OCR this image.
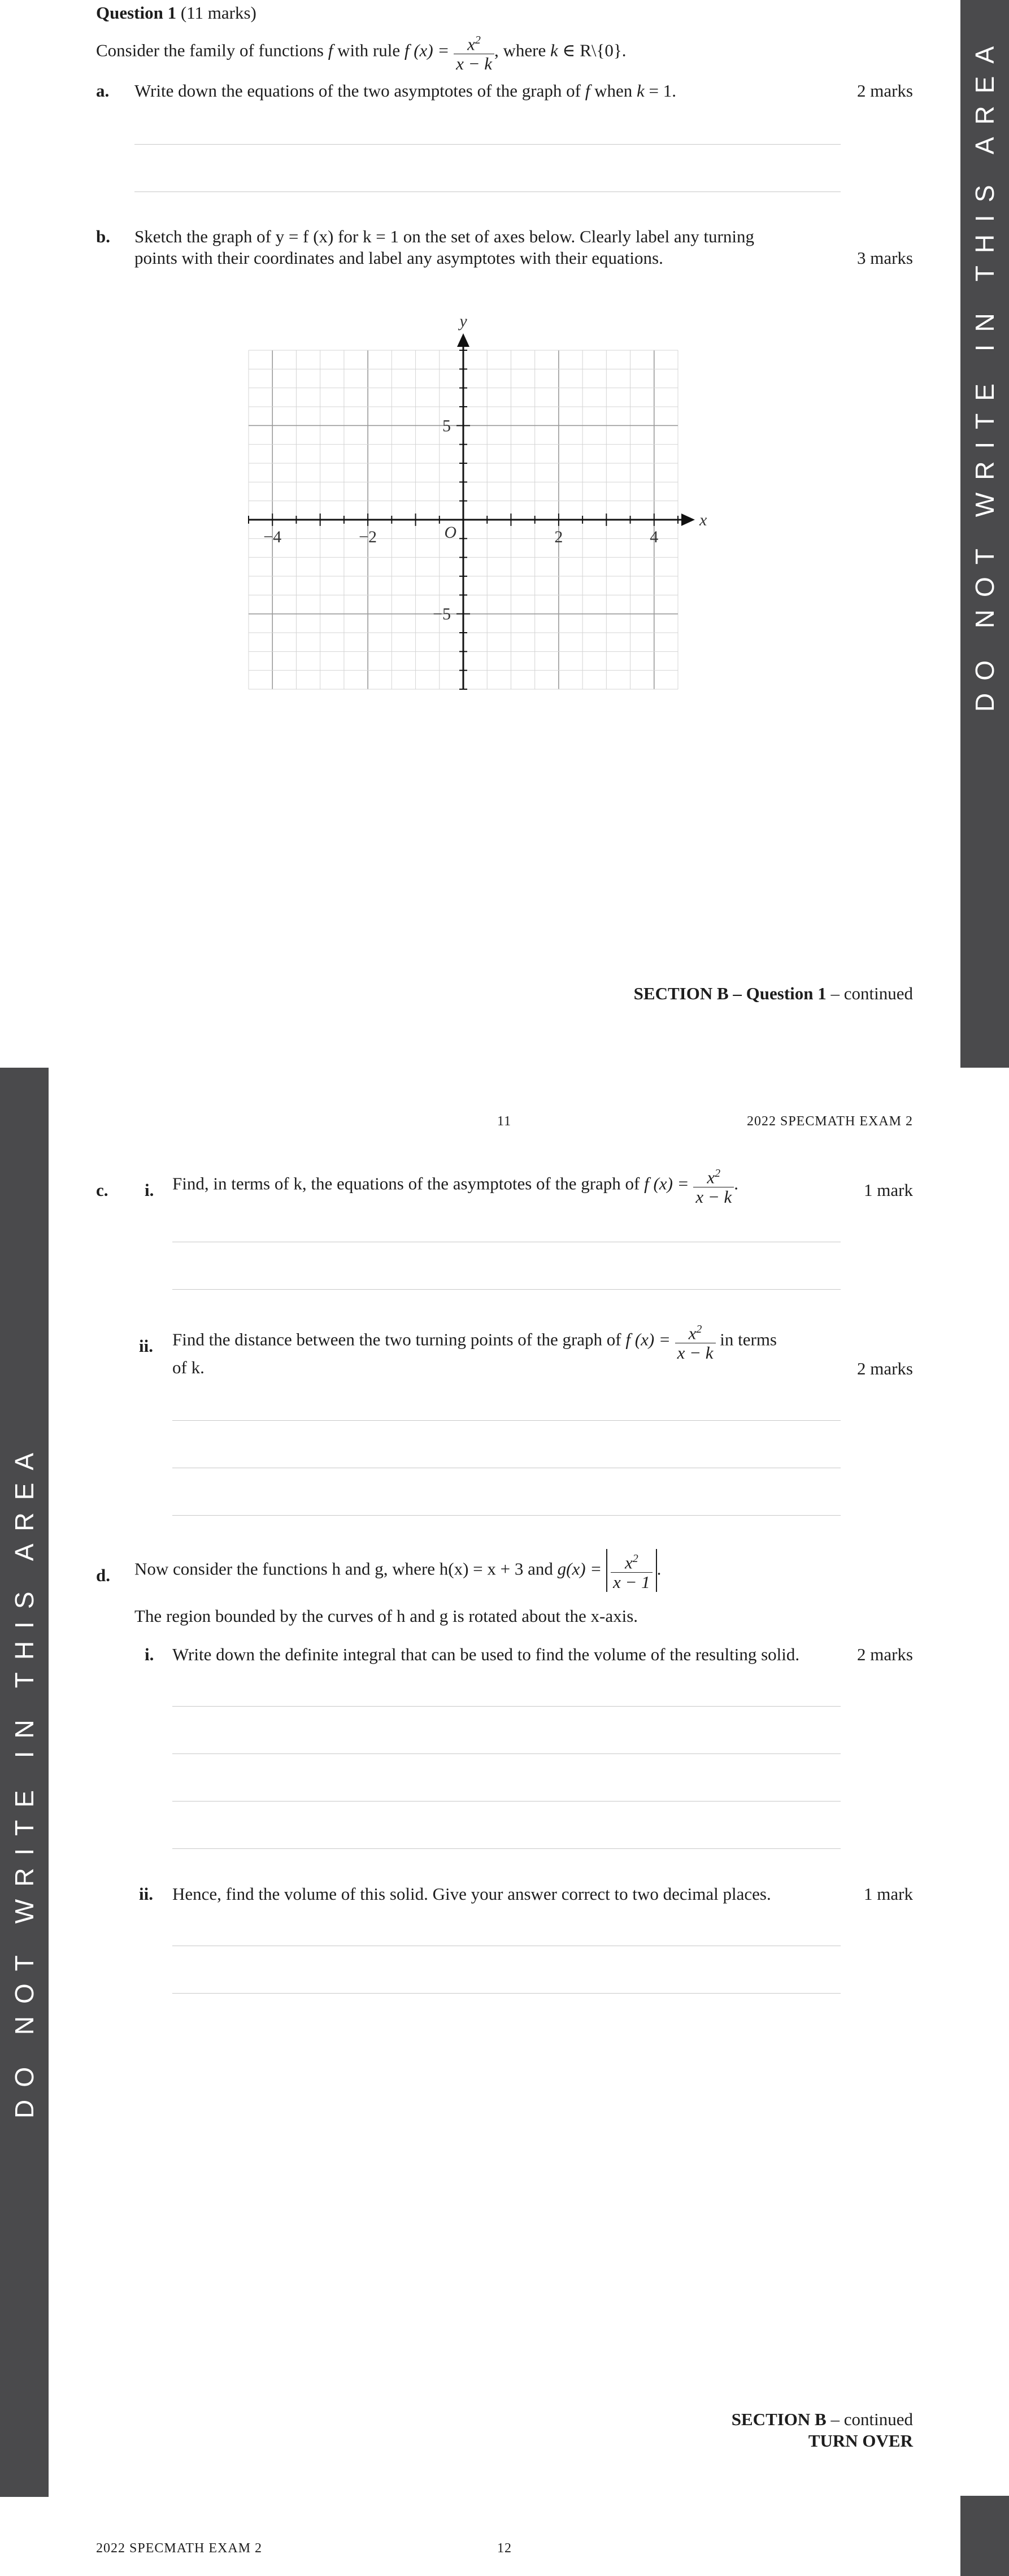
Question 1 (11 marks)
Consider the family of functions f with rule f $(x) = \frac{x^2}{x - k}$ , where k ∈ R\{0}.
a. Write down the equations of the two asymptotes of the graph of f when k = 1.	2 marks
b. Sketch the graph of y = f (x) for k = 1 on the set of axes below. Clearly label any turning
points with their coordinates and label any asymptotes with their equations.	3 marks
−4	−2	2	4
5
−5
O
x
y
SECTION B – Question 1 – continued
DO NOT WRITE IN THIS AREA
DO NOT WRITE IN THIS AREA
11	2022 SPECMATH EXAM 2
c. i. Find, in terms of k, the equations of the asymptotes of the graph of f $(x) = \frac{x^2}{x - k}$ .	1 mark
ii. Find the distance between the two turning points of the graph of f $(x) = \frac{x^2}{x - k}$ in terms
of k.	2 marks
d. Now consider the functions h and g, where h(x) = x + 3 and $g(x) = \frac{x^2}{x - 1}$ .
The region bounded by the curves of h and g is rotated about the x-axis.
i. Write down the definite integral that can be used to find the volume of the resulting solid.	2 marks
ii. Hence, find the volume of this solid. Give your answer correct to two decimal places.	1 mark
SECTION B – continued
TURN OVER
2022 SPECMATH EXAM 2	12
